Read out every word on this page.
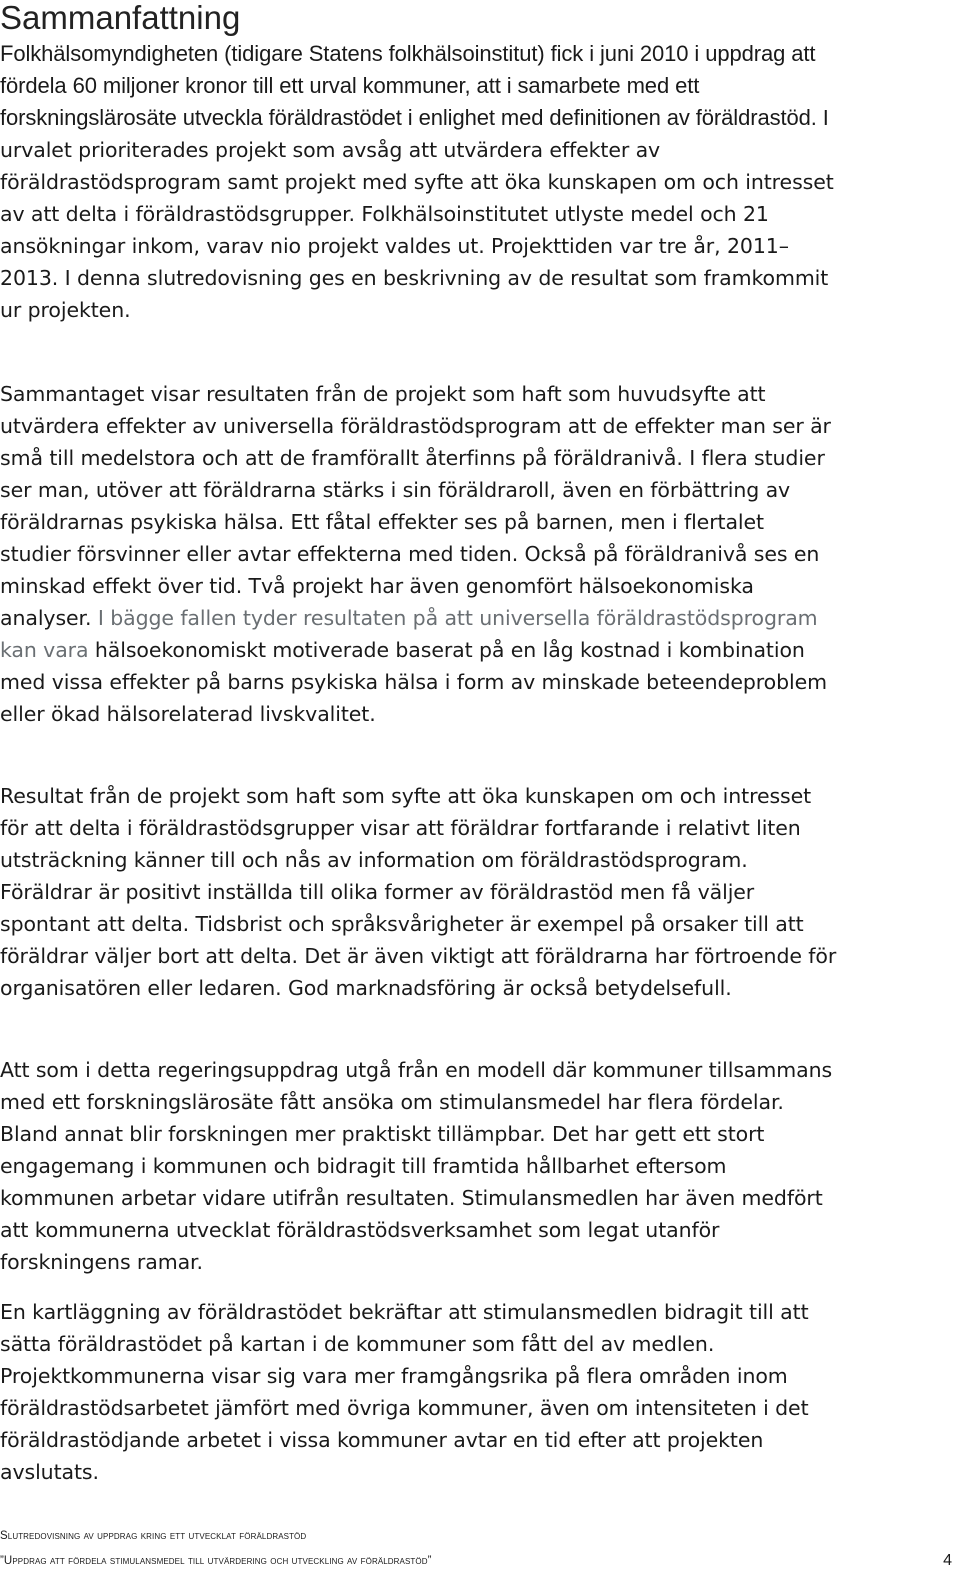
Sammanfattning

Folkhälsomyndigheten (tidigare Statens folkhälsoinstitut) fick i juni 2010 i uppdrag att fördela 60 miljoner kronor till ett urval kommuner, att i samarbete med ett forskningslärosäte utveckla föräldrastödet i enlighet med definitionen av föräldrastöd. I urvalet prioriterades projekt som avsåg att utvärdera effekter av föräldrastödsprogram samt projekt med syfte att öka kunskapen om och intresset av att delta i föräldrastödsgrupper. Folkhälsoinstitutet utlyste medel och 21 ansökningar inkom, varav nio projekt valdes ut. Projekttiden var tre år, 2011–2013. I denna slutredovisning ges en beskrivning av de resultat som framkommit ur projekten.

Sammantaget visar resultaten från de projekt som haft som huvudsyfte att utvärdera effekter av universella föräldrastödsprogram att de effekter man ser är små till medelstora och att de framförallt återfinns på föräldranivå. I flera studier ser man, utöver att föräldrarna stärks i sin föräldraroll, även en förbättring av föräldrarnas psykiska hälsa. Ett fåtal effekter ses på barnen, men i flertalet studier försvinner eller avtar effekterna med tiden. Också på föräldranivå ses en minskad effekt över tid. Två projekt har även genomfört hälsoekonomiska analyser. I bägge fallen tyder resultaten på att universella föräldrastödsprogram kan vara hälsoekonomiskt motiverade baserat på en låg kostnad i kombination med vissa effekter på barns psykiska hälsa i form av minskade beteendeproblem eller ökad hälsorelaterad livskvalitet.

Resultat från de projekt som haft som syfte att öka kunskapen om och intresset för att delta i föräldrastödsgrupper visar att föräldrar fortfarande i relativt liten utsträckning känner till och nås av information om föräldrastödsprogram. Föräldrar är positivt inställda till olika former av föräldrastöd men få väljer spontant att delta. Tidsbrist och språksvårigheter är exempel på orsaker till att föräldrar väljer bort att delta. Det är även viktigt att föräldrarna har förtroende för organisatören eller ledaren. God marknadsföring är också betydelsefull.

Att som i detta regeringsuppdrag utgå från en modell där kommuner tillsammans med ett forskningslärosäte fått ansöka om stimulansmedel har flera fördelar. Bland annat blir forskningen mer praktiskt tillämpbar. Det har gett ett stort engagemang i kommunen och bidragit till framtida hållbarhet eftersom kommunen arbetar vidare utifrån resultaten. Stimulansmedlen har även medfört att kommunerna utvecklat föräldrastödsverksamhet som legat utanför forskningens ramar.

En kartläggning av föräldrastödet bekräftar att stimulansmedlen bidragit till att sätta föräldrastödet på kartan i de kommuner som fått del av medlen. Projektkommunerna visar sig vara mer framgångsrika på flera områden inom föräldrastödsarbetet jämfört med övriga kommuner, även om intensiteten i det föräldrastödjande arbetet i vissa kommuner avtar en tid efter att projekten avslutats.

Slutredovisning av uppdrag kring ett utvecklat föräldrastöd
”Uppdrag att fördela stimulansmedel till utvärdering och utveckling av föräldrastöd”	4
